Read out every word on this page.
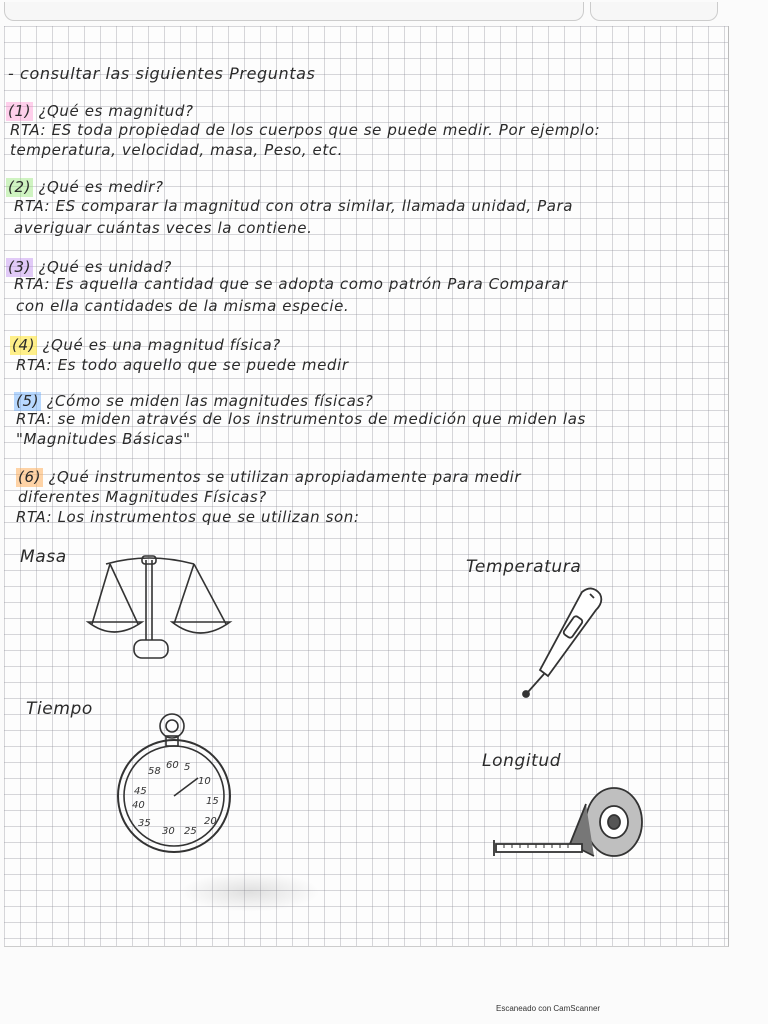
- consultar las siguientes Preguntas
(1) ¿Qué es magnitud?
RTA: ES toda propiedad de los cuerpos que se puede medir. Por ejemplo:
temperatura, velocidad, masa, Peso, etc.
(2) ¿Qué es medir?
RTA: ES comparar la magnitud con otra similar, llamada unidad, Para
averiguar cuántas veces la contiene.
(3) ¿Qué es unidad?
RTA: Es aquella cantidad que se adopta como patrón Para Comparar
con ella cantidades de la misma especie.
(4) ¿Qué es una magnitud física?
RTA: Es todo aquello que se puede medir
(5) ¿Cómo se miden las magnitudes físicas?
RTA: se miden através de los instrumentos de medición que miden las
"Magnitudes Básicas"
(6) ¿Qué instrumentos se utilizan apropiadamente para medir
diferentes Magnitudes Físicas?
RTA: Los instrumentos que se utilizan son:
Masa	Temperatura
Tiempo
Longitud
58
60 5
10
15
20
25
30
35
40
45
Escaneado con CamScanner
